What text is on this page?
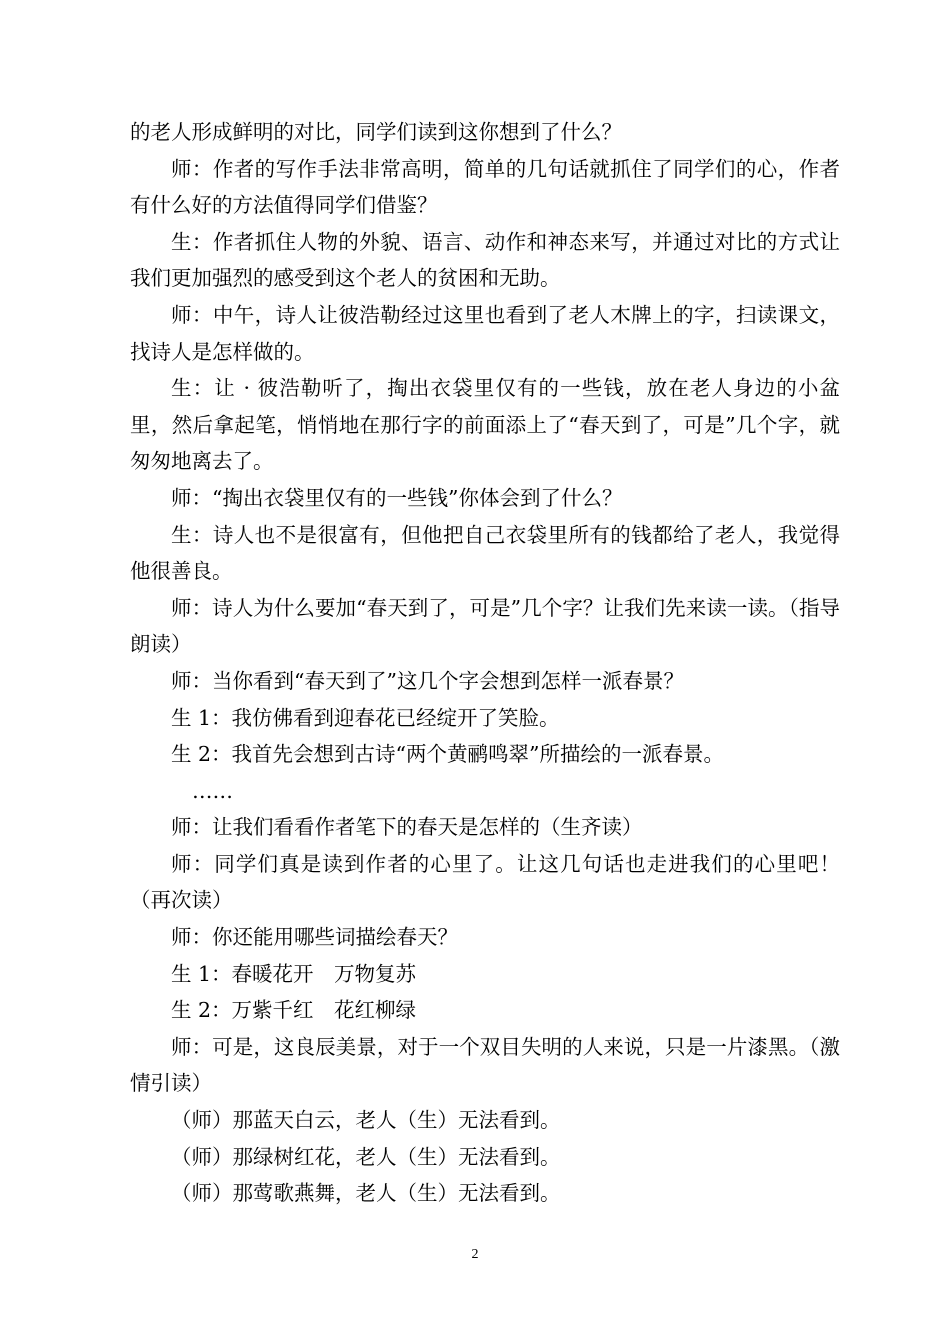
的老人形成鲜明的对比，同学们读到这你想到了什么？

师：作者的写作手法非常高明，简单的几句话就抓住了同学们的心，作者有什么好的方法值得同学们借鉴？

生：作者抓住人物的外貌、语言、动作和神态来写，并通过对比的方式让我们更加强烈的感受到这个老人的贫困和无助。

师：中午，诗人让彼浩勒经过这里也看到了老人木牌上的字，扫读课文，找诗人是怎样做的。

生：让 · 彼浩勒听了，掏出衣袋里仅有的一些钱，放在老人身边的小盆里，然后拿起笔，悄悄地在那行字的前面添上了“春天到了，可是”几个字，就匆匆地离去了。

师：“掏出衣袋里仅有的一些钱”你体会到了什么？

生：诗人也不是很富有，但他把自己衣袋里所有的钱都给了老人，我觉得他很善良。

师：诗人为什么要加“春天到了，可是”几个字？让我们先来读一读。（指导朗读）

师：当你看到“春天到了”这几个字会想到怎样一派春景？

生 1：我仿佛看到迎春花已经绽开了笑脸。

生 2：我首先会想到古诗“两个黄鹂鸣翠”所描绘的一派春景。

……

师：让我们看看作者笔下的春天是怎样的（生齐读）

师：同学们真是读到作者的心里了。让这几句话也走进我们的心里吧！（再次读）

师：你还能用哪些词描绘春天？

生 1：春暖花开　万物复苏

生 2：万紫千红　花红柳绿

师：可是，这良辰美景，对于一个双目失明的人来说，只是一片漆黑。（激情引读）

（师）那蓝天白云，老人（生）无法看到。

（师）那绿树红花，老人（生）无法看到。

（师）那莺歌燕舞，老人（生）无法看到。

2
